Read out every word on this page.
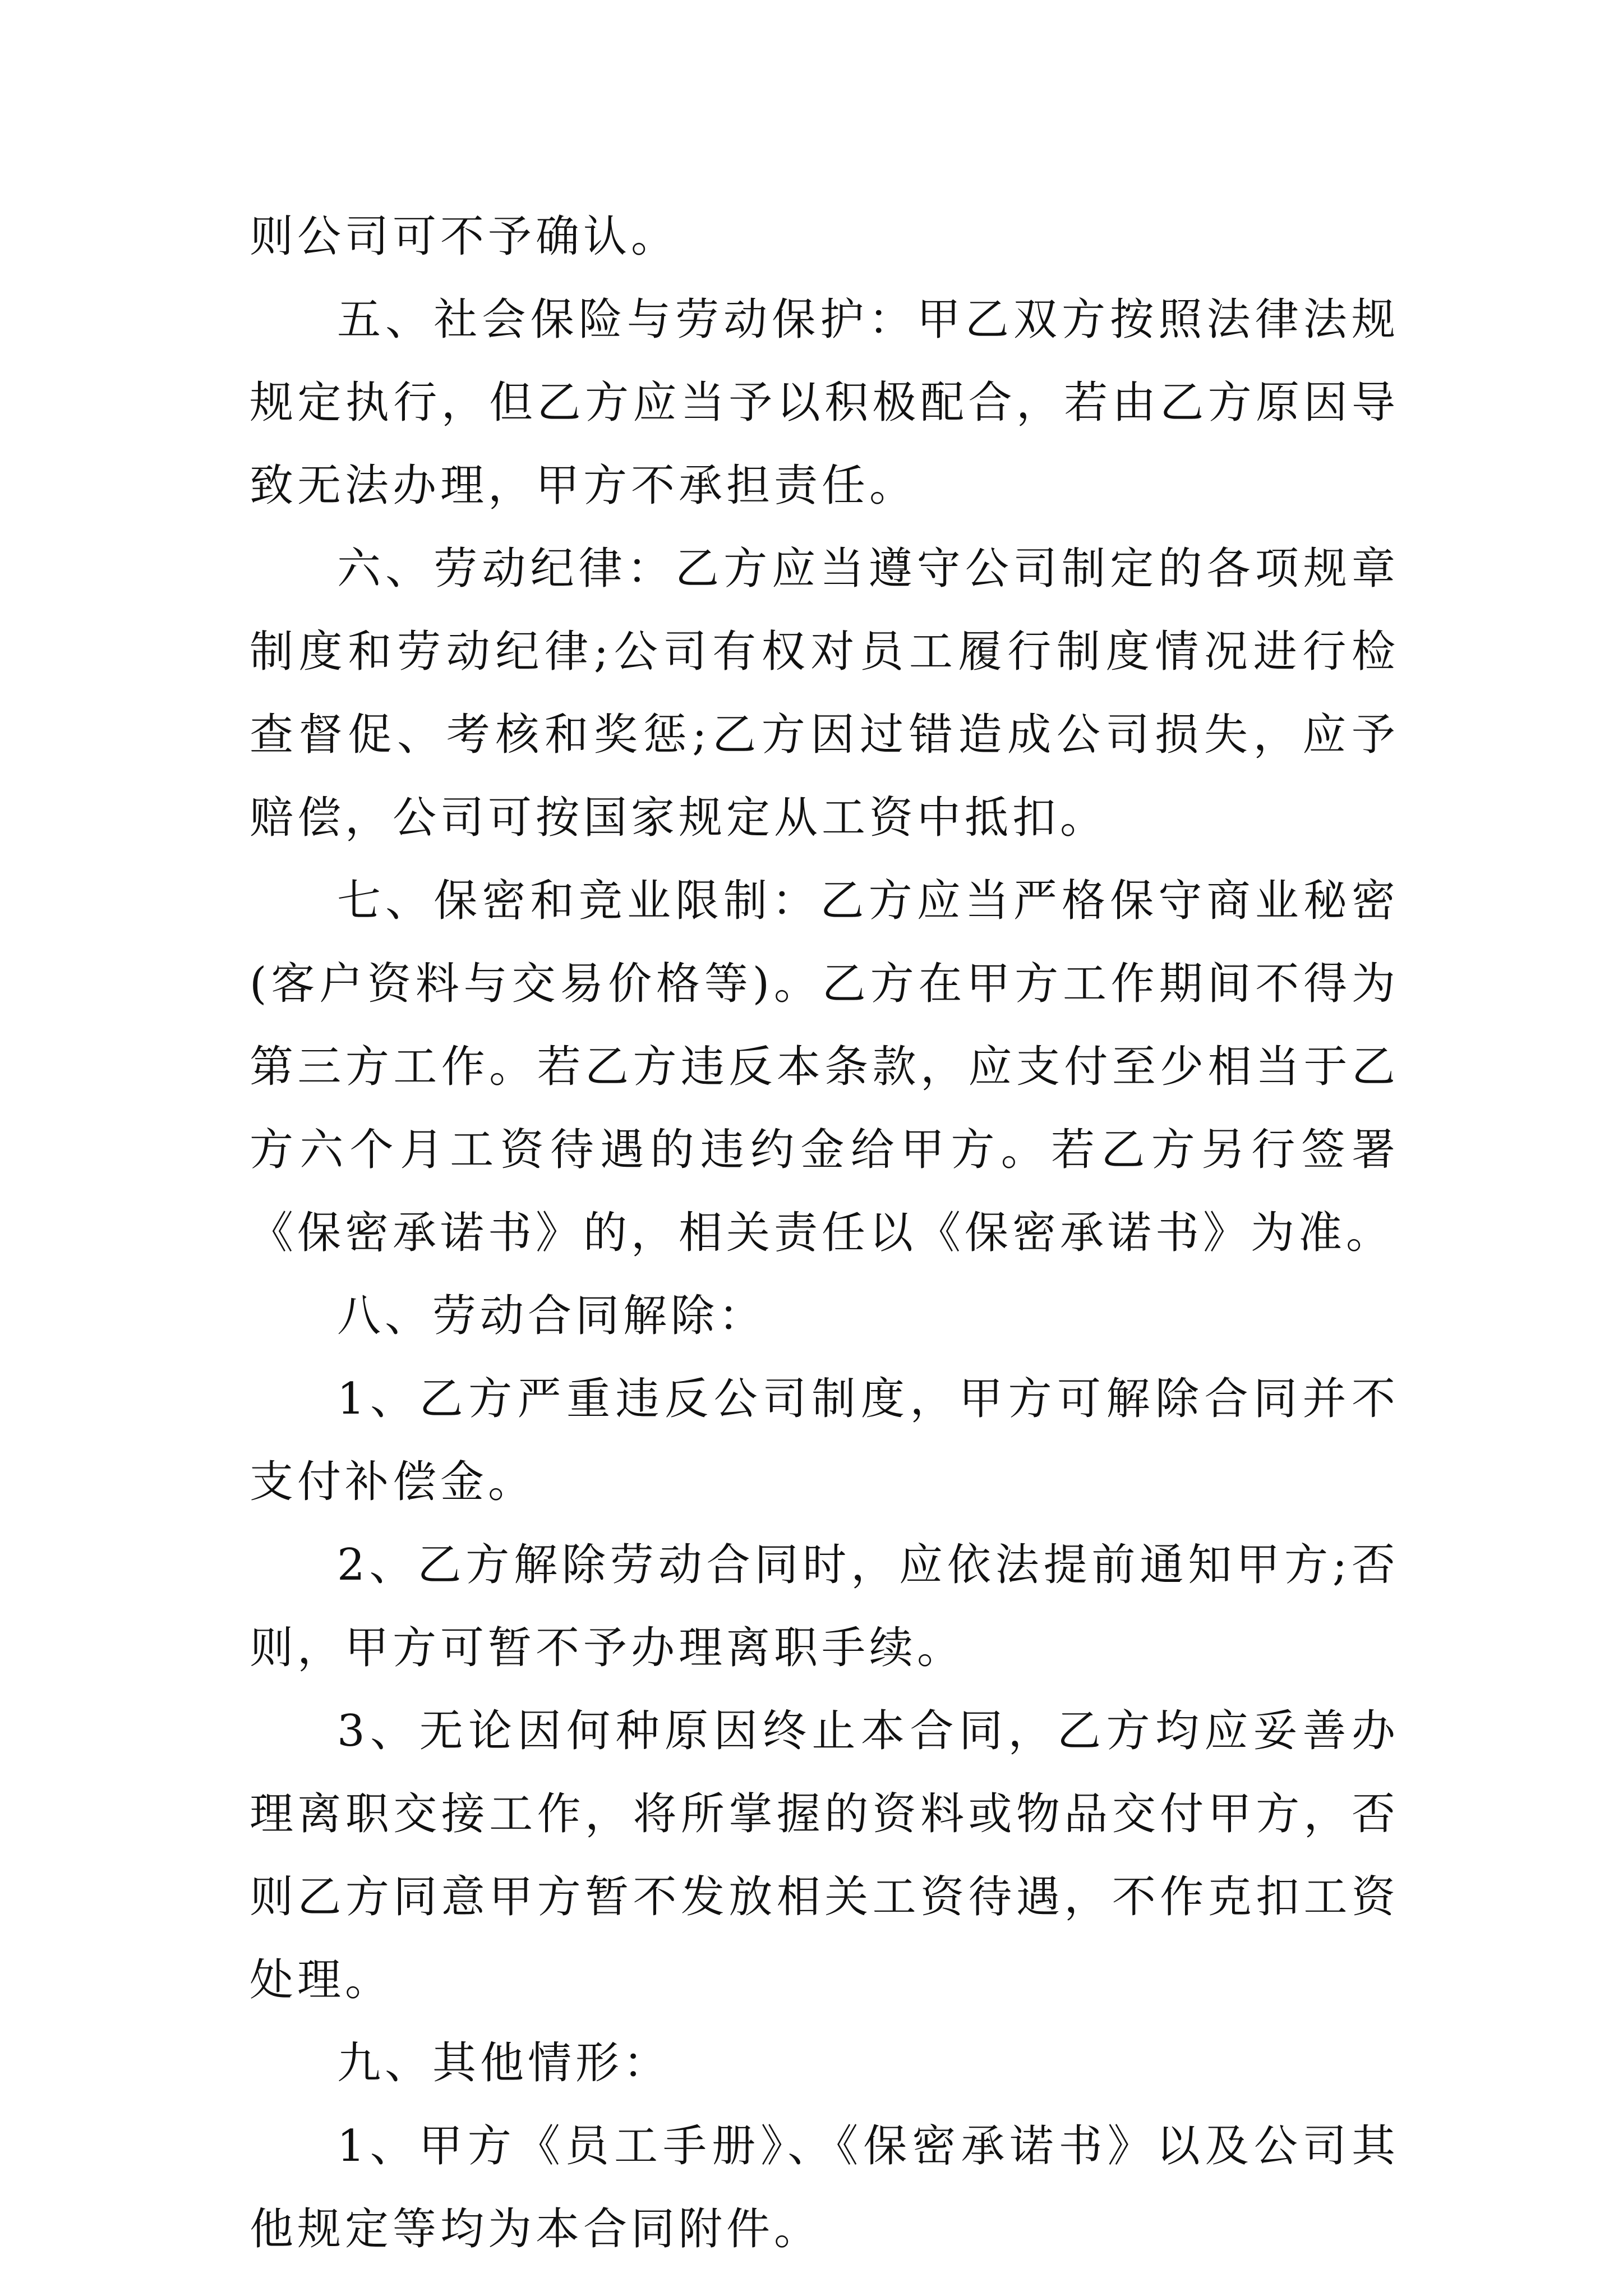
则公司可不予确认。

五、社会保险与劳动保护：甲乙双方按照法律法规规定执行，但乙方应当予以积极配合，若由乙方原因导致无法办理，甲方不承担责任。

六、劳动纪律：乙方应当遵守公司制定的各项规章制度和劳动纪律;公司有权对员工履行制度情况进行检查督促、考核和奖惩;乙方因过错造成公司损失，应予赔偿，公司可按国家规定从工资中抵扣。

七、保密和竞业限制：乙方应当严格保守商业秘密(客户资料与交易价格等)。乙方在甲方工作期间不得为第三方工作。若乙方违反本条款，应支付至少相当于乙方六个月工资待遇的违约金给甲方。若乙方另行签署《保密承诺书》的，相关责任以《保密承诺书》为准。

八、劳动合同解除：

1、乙方严重违反公司制度，甲方可解除合同并不支付补偿金。

2、乙方解除劳动合同时，应依法提前通知甲方;否则，甲方可暂不予办理离职手续。

3、无论因何种原因终止本合同，乙方均应妥善办理离职交接工作，将所掌握的资料或物品交付甲方，否则乙方同意甲方暂不发放相关工资待遇，不作克扣工资处理。

九、其他情形：

1、甲方《员工手册》、《保密承诺书》以及公司其他规定等均为本合同附件。
